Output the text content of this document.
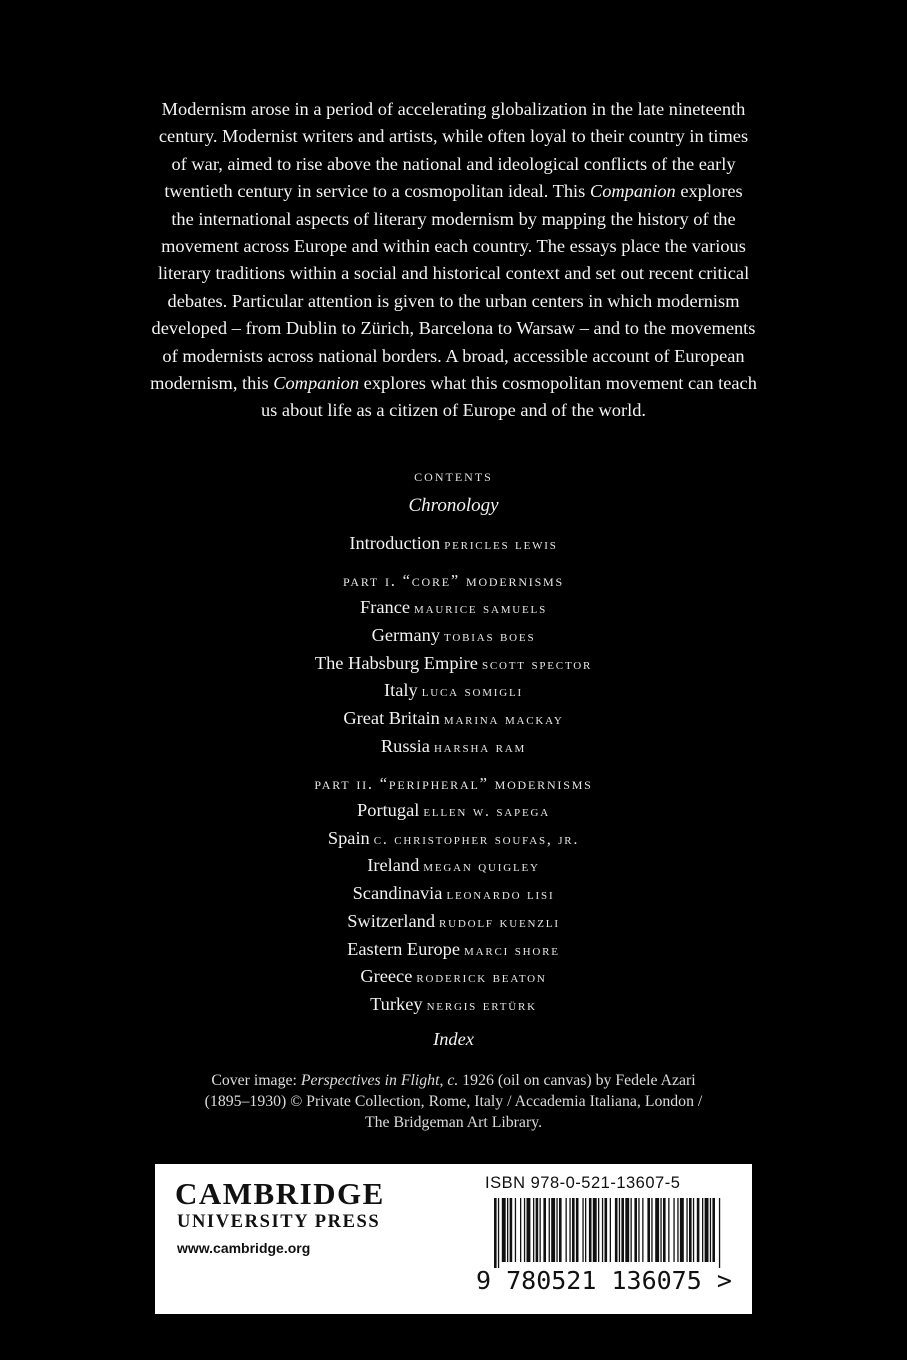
Modernism arose in a period of accelerating globalization in the late nineteenth
century. Modernist writers and artists, while often loyal to their country in times
of war, aimed to rise above the national and ideological conflicts of the early
twentieth century in service to a cosmopolitan ideal. This Companion explores
the international aspects of literary modernism by mapping the history of the
movement across Europe and within each country. The essays place the various
literary traditions within a social and historical context and set out recent critical
debates. Particular attention is given to the urban centers in which modernism
developed – from Dublin to Zürich, Barcelona to Warsaw – and to the movements
of modernists across national borders. A broad, accessible account of European
modernism, this Companion explores what this cosmopolitan movement can teach
us about life as a citizen of Europe and of the world.
contents
Chronology
Introduction pericles lewis
part i. “core” modernisms
France maurice samuels
Germany tobias boes
The Habsburg Empire scott spector
Italy luca somigli
Great Britain marina mackay
Russia harsha ram
part ii. “peripheral” modernisms
Portugal ellen w. sapega
Spain c. christopher soufas, jr.
Ireland megan quigley
Scandinavia leonardo lisi
Switzerland rudolf kuenzli
Eastern Europe marci shore
Greece roderick beaton
Turkey nergis ertürk
Index
Cover image: Perspectives in Flight, c. 1926 (oil on canvas) by Fedele Azari
(1895–1930) © Private Collection, Rome, Italy / Accademia Italiana, London /
The Bridgeman Art Library.
CAMBRIDGE
UNIVERSITY PRESS
www.cambridge.org
ISBN 978-0-521-13607-5
9 780521 136075 >
